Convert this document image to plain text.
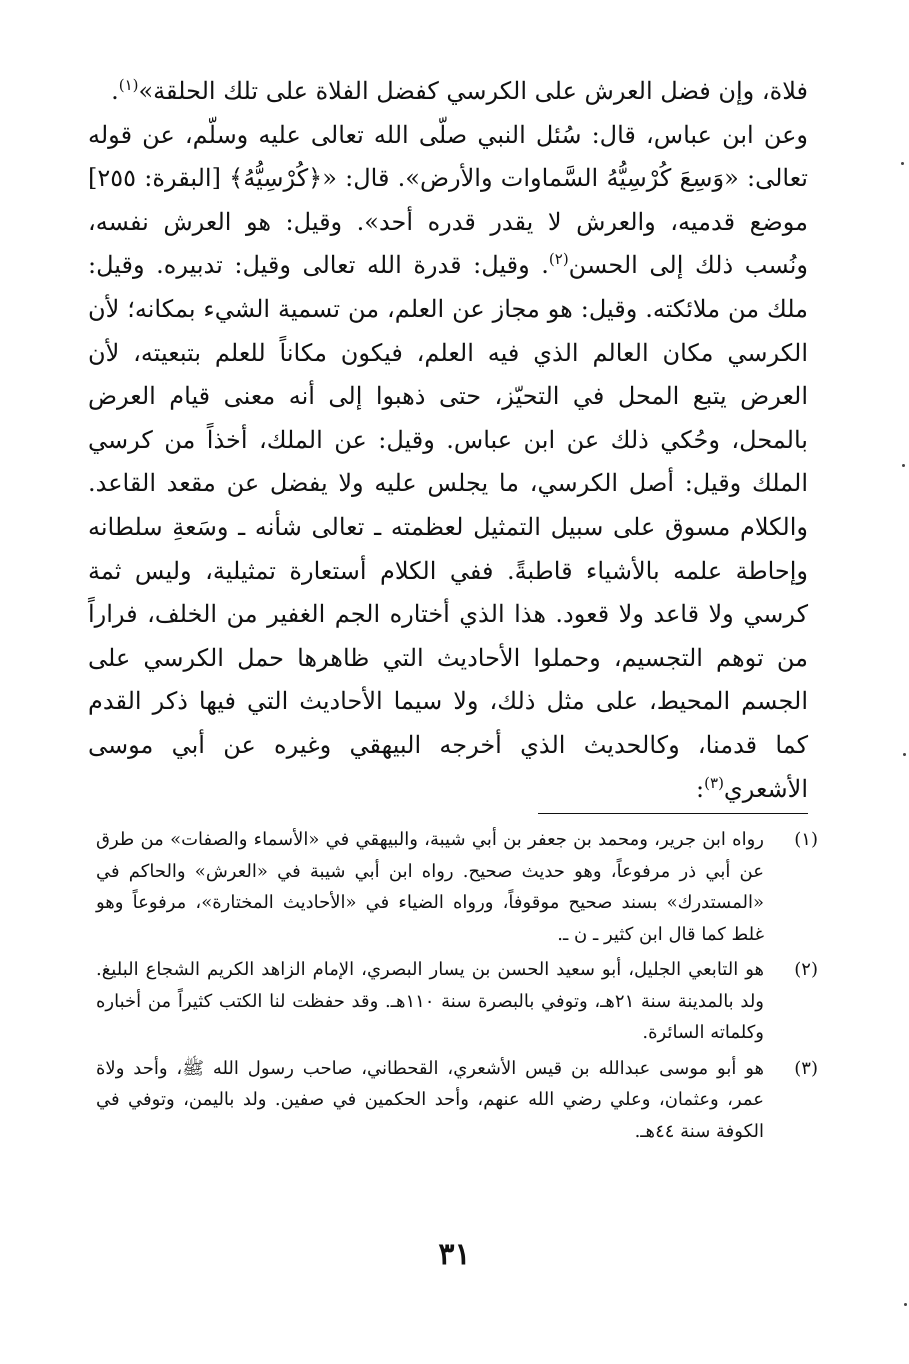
فلاة، وإن فضل العرش على الكرسي كفضل الفلاة على تلك الحلقة»$^{(١)}$.

وعن ابن عباس، قال: سُئل النبي صلّى الله تعالى عليه وسلّم، عن قوله تعالى: «وَسِعَ كُرْسِيُّهُ السَّماوات والأرض». قال: «﴿كُرْسِيُّهُ﴾ [البقرة: ٢٥٥] موضع قدميه، والعرش لا يقدر قدره أحد». وقيل: هو العرش نفسه، ونُسب ذلك إلى الحسن$^{(٢)}$. وقيل: قدرة الله تعالى وقيل: تدبيره. وقيل: ملك من ملائكته. وقيل: هو مجاز عن العلم، من تسمية الشيء بمكانه؛ لأن الكرسي مكان العالم الذي فيه العلم، فيكون مكاناً للعلم بتبعيته، لأن العرض يتبع المحل في التحيّز، حتى ذهبوا إلى أنه معنى قيام العرض بالمحل، وحُكي ذلك عن ابن عباس. وقيل: عن الملك، أخذاً من كرسي الملك وقيل: أصل الكرسي، ما يجلس عليه ولا يفضل عن مقعد القاعد. والكلام مسوق على سبيل التمثيل لعظمته ـ تعالى شأنه ـ وسَعةِ سلطانه وإحاطة علمه بالأشياء قاطبةً. ففي الكلام أستعارة تمثيلية، وليس ثمة كرسي ولا قاعد ولا قعود. هذا الذي أختاره الجم الغفير من الخلف، فراراً من توهم التجسيم، وحملوا الأحاديث التي ظاهرها حمل الكرسي على الجسم المحيط، على مثل ذلك، ولا سيما الأحاديث التي فيها ذكر القدم كما قدمنا، وكالحديث الذي أخرجه البيهقي وغيره عن أبي موسى الأشعري$^{(٣)}$:

(١)
رواه ابن جرير، ومحمد بن جعفر بن أبي شيبة، والبيهقي في «الأسماء والصفات» من طرق عن أبي ذر مرفوعاً، وهو حديث صحيح. رواه ابن أبي شيبة في «العرش» والحاكم في «المستدرك» بسند صحيح موقوفاً، ورواه الضياء في «الأحاديث المختارة»، مرفوعاً وهو غلط كما قال ابن كثير ـ ن ـ.
(٢)
هو التابعي الجليل، أبو سعيد الحسن بن يسار البصري، الإمام الزاهد الكريم الشجاع البليغ. ولد بالمدينة سنة ٢١هـ، وتوفي بالبصرة سنة ١١٠هـ. وقد حفظت لنا الكتب كثيراً من أخباره وكلماته السائرة.
(٣)
هو أبو موسى عبدالله بن قيس الأشعري، القحطاني، صاحب رسول الله ﷺ، وأحد ولاة عمر، وعثمان، وعلي رضي الله عنهم، وأحد الحكمين في صفين. ولد باليمن، وتوفي في الكوفة سنة ٤٤هـ.
٣١
